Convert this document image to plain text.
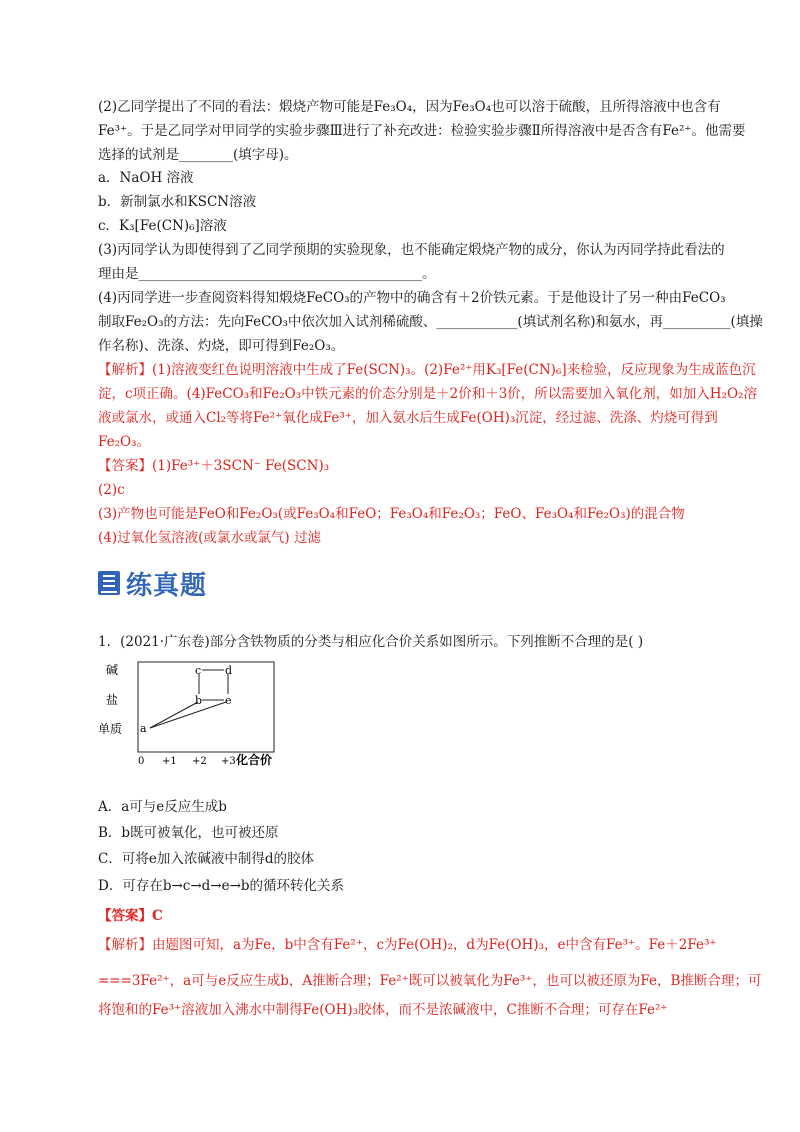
(2)乙同学提出了不同的看法：煅烧产物可能是Fe₃O₄，因为Fe₃O₄也可以溶于硫酸，且所得溶液中也含有
Fe³⁺。于是乙同学对甲同学的实验步骤Ⅲ进行了补充改进：检验实验步骤Ⅱ所得溶液中是否含有Fe²⁺。他需要
选择的试剂是________(填字母)。
a．NaOH 溶液
b．新制氯水和KSCN溶液
c．K₃[Fe(CN)₆]溶液
(3)丙同学认为即使得到了乙同学预期的实验现象，也不能确定煅烧产物的成分，你认为丙同学持此看法的
理由是__________________________________________。
(4)丙同学进一步查阅资料得知煅烧FeCO₃的产物中的确含有＋2价铁元素。于是他设计了另一种由FeCO₃
制取Fe₂O₃的方法：先向FeCO₃中依次加入试剂稀硫酸、____________(填试剂名称)和氨水，再__________(填操
作名称)、洗涤、灼烧，即可得到Fe₂O₃。
【解析】(1)溶液变红色说明溶液中生成了Fe(SCN)₃。(2)Fe²⁺用K₃[Fe(CN)₆]来检验，反应现象为生成蓝色沉
淀，c项正确。(4)FeCO₃和Fe₂O₃中铁元素的价态分别是＋2价和＋3价，所以需要加入氧化剂，如加入H₂O₂溶
液或氯水，或通入Cl₂等将Fe²⁺氧化成Fe³⁺，加入氨水后生成Fe(OH)₃沉淀，经过滤、洗涤、灼烧可得到
Fe₂O₃。
【答案】(1)Fe³⁺＋3SCN⁻ Fe(SCN)₃
(2)c
(3)产物也可能是FeO和Fe₂O₃(或Fe₃O₄和FeO；Fe₃O₄和Fe₂O₃；FeO、Fe₃O₄和Fe₂O₃)的混合物
(4)过氧化氢溶液(或氯水或氯气) 过滤
练真题
1．(2021·广东卷)部分含铁物质的分类与相应化合价关系如图所示。下列推断不合理的是( )
碱
盐
单质
0 +1 +2 +3 化合价
a
b
c d
e
A．a可与e反应生成b
B．b既可被氧化，也可被还原
C．可将e加入浓碱液中制得d的胶体
D．可存在b→c→d→e→b的循环转化关系
【答案】C
【解析】由题图可知，a为Fe，b中含有Fe²⁺，c为Fe(OH)₂，d为Fe(OH)₃，e中含有Fe³⁺。Fe＋2Fe³⁺
===3Fe²⁺，a可与e反应生成b，A推断合理；Fe²⁺既可以被氧化为Fe³⁺，也可以被还原为Fe，B推断合理；可
将饱和的Fe³⁺溶液加入沸水中制得Fe(OH)₃胶体，而不是浓碱液中，C推断不合理；可存在Fe²⁺
